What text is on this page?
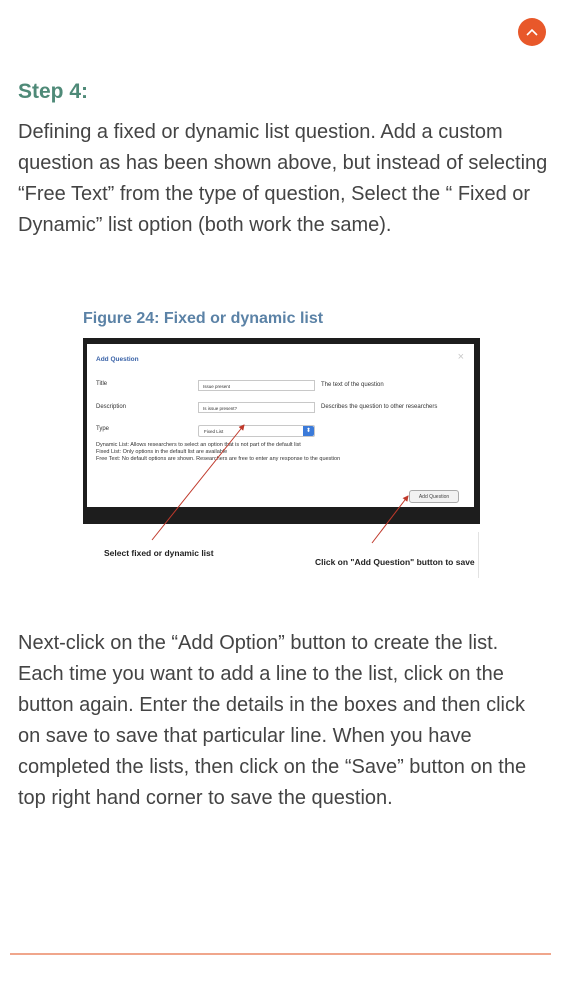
Step 4:

Defining a fixed or dynamic list question. Add a custom question as has been shown above, but instead of selecting “Free Text” from the type of question, Select the “ Fixed or Dynamic” list option (both work the same).

Figure 24: Fixed or dynamic list

Add Question	×
Title	Issue present	The text of the question
Description	Is issue present?	Describes the question to other researchers
Type	Fixed List	⬍
Dynamic List: Allows researchers to select an option that is not part of the default list
Fixed List: Only options in the default list are available
Free Text: No default options are shown. Researchers are free to enter any response to the question
Add Question
Select fixed or dynamic list
Click on "Add Question" button to save

Next-click on the “Add Option” button to create the list. Each time you want to add a line to the list, click on the button again. Enter the details in the boxes and then click on save to save that particular line. When you have completed the lists, then click on the “Save” button on the top right hand corner to save the question.
